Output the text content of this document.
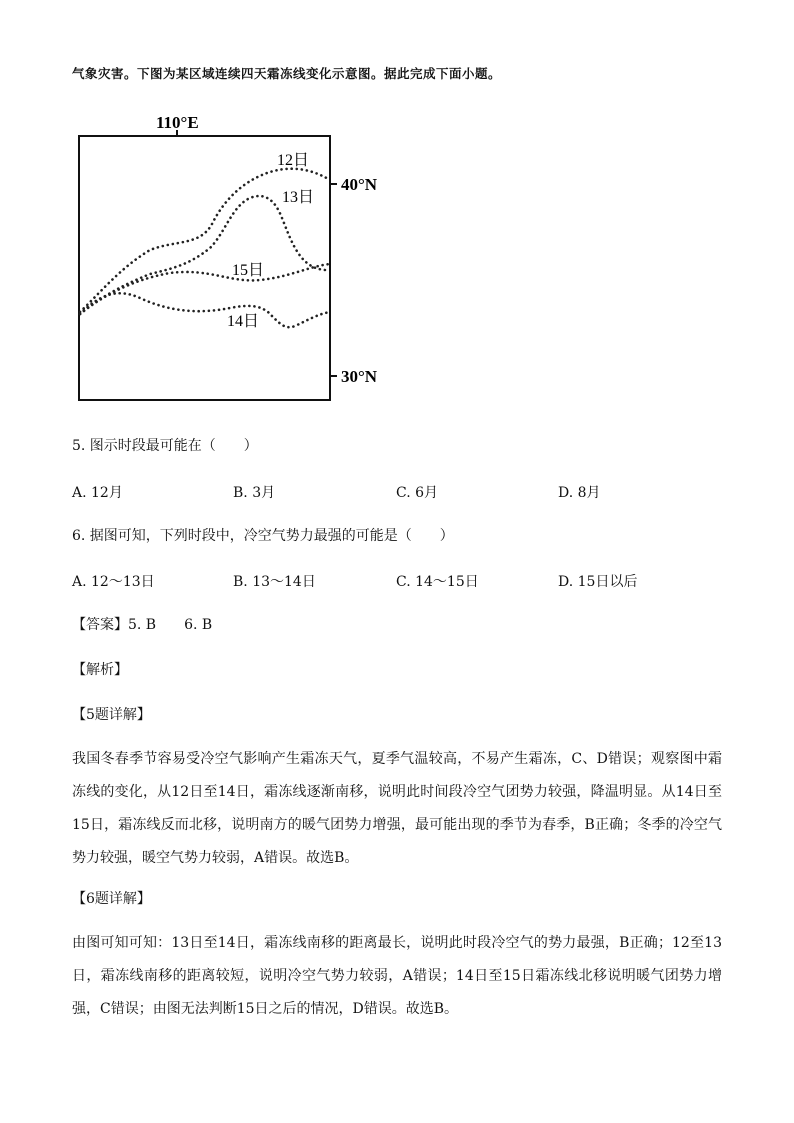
气象灾害。下图为某区域连续四天霜冻线变化示意图。据此完成下面小题。
110°E
40°N
30°N
12日
13日
15日
14日
5. 图示时段最可能在（　　）
A. 12月	B. 3月	C. 6月	D. 8月
6. 据图可知，下列时段中，冷空气势力最强的可能是（　　）
A. 12～13日	B. 13～14日	C. 14～15日	D. 15日以后
【答案】5. B 6. B
【解析】
【5题详解】
我国冬春季节容易受冷空气影响产生霜冻天气，夏季气温较高，不易产生霜冻，C、D错误；观察图中霜冻线的变化，从12日至14日，霜冻线逐渐南移，说明此时间段冷空气团势力较强，降温明显。从14日至15日，霜冻线反而北移，说明南方的暖气团势力增强，最可能出现的季节为春季，B正确；冬季的冷空气势力较强，暖空气势力较弱，A错误。故选B。
【6题详解】
由图可知可知：13日至14日，霜冻线南移的距离最长，说明此时段冷空气的势力最强，B正确；12至13日，霜冻线南移的距离较短，说明冷空气势力较弱，A错误；14日至15日霜冻线北移说明暖气团势力增强，C错误；由图无法判断15日之后的情况，D错误。故选B。
